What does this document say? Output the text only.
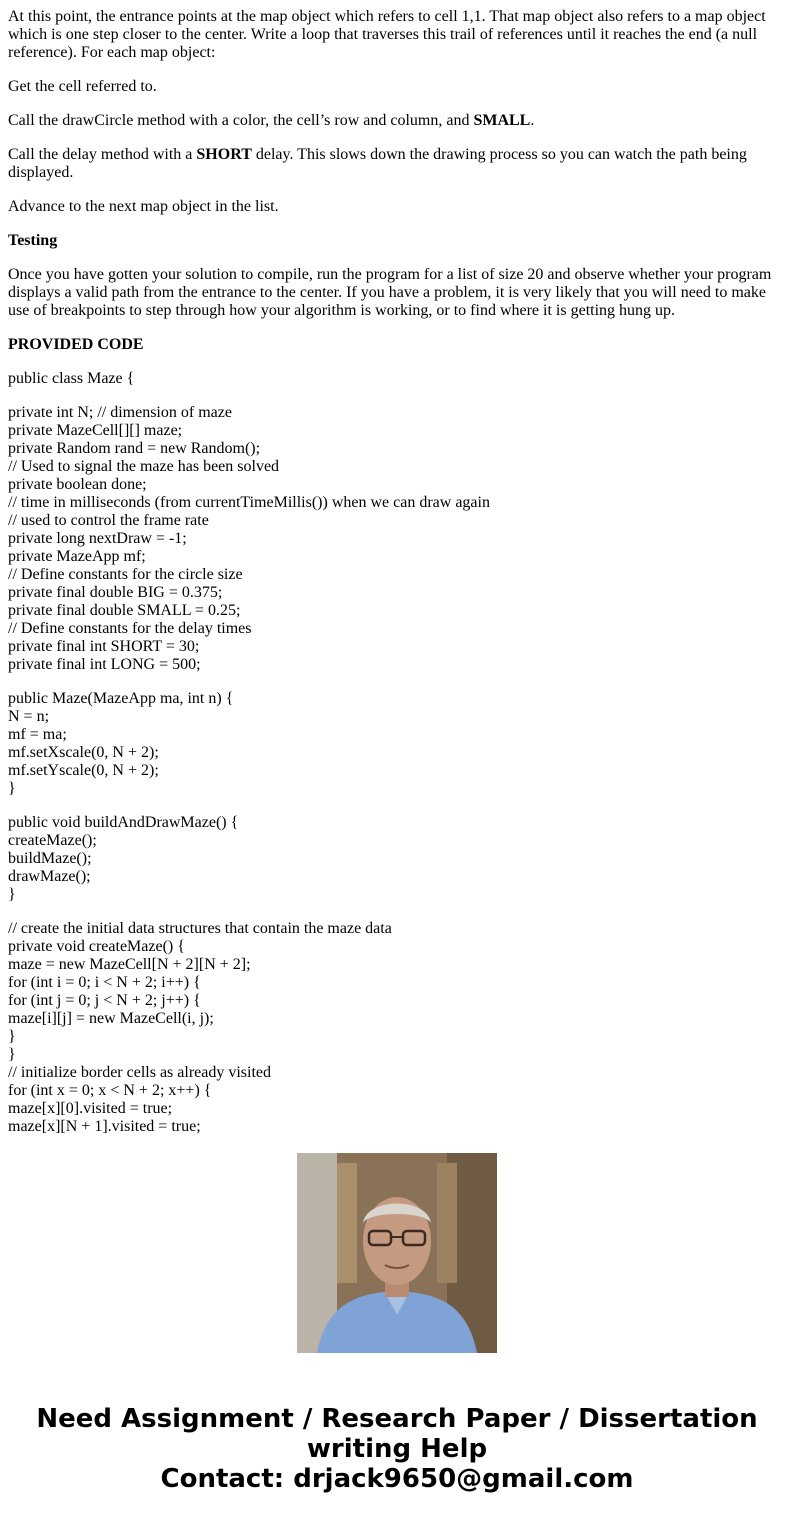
At this point, the entrance points at the map object which refers to cell 1,1. That map object also refers to a map object which is one step closer to the center. Write a loop that traverses this trail of references until it reaches the end (a null reference). For each map object:

Get the cell referred to.

Call the drawCircle method with a color, the cell’s row and column, and SMALL.

Call the delay method with a SHORT delay. This slows down the drawing process so you can watch the path being displayed.

Advance to the next map object in the list.

Testing

Once you have gotten your solution to compile, run the program for a list of size 20 and observe whether your program displays a valid path from the entrance to the center. If you have a problem, it is very likely that you will need to make use of breakpoints to step through how your algorithm is working, or to find where it is getting hung up.

PROVIDED CODE

public class Maze {

private int N; // dimension of maze
private MazeCell[][] maze;
private Random rand = new Random();
// Used to signal the maze has been solved
private boolean done;
// time in milliseconds (from currentTimeMillis()) when we can draw again
// used to control the frame rate
private long nextDraw = -1;
private MazeApp mf;
// Define constants for the circle size
private final double BIG = 0.375;
private final double SMALL = 0.25;
// Define constants for the delay times
private final int SHORT = 30;
private final int LONG = 500;
public Maze(MazeApp ma, int n) {
N = n;
mf = ma;
mf.setXscale(0, N + 2);
mf.setYscale(0, N + 2);
}
public void buildAndDrawMaze() {
createMaze();
buildMaze();
drawMaze();
}
// create the initial data structures that contain the maze data
private void createMaze() {
maze = new MazeCell[N + 2][N + 2];
for (int i = 0; i < N + 2; i++) {
for (int j = 0; j < N + 2; j++) {
maze[i][j] = new MazeCell(i, j);
}
}
// initialize border cells as already visited
for (int x = 0; x < N + 2; x++) {
maze[x][0].visited = true;
maze[x][N + 1].visited = true;
Need Assignment / Research Paper / Dissertation
writing Help
Contact: drjack9650@gmail.com
